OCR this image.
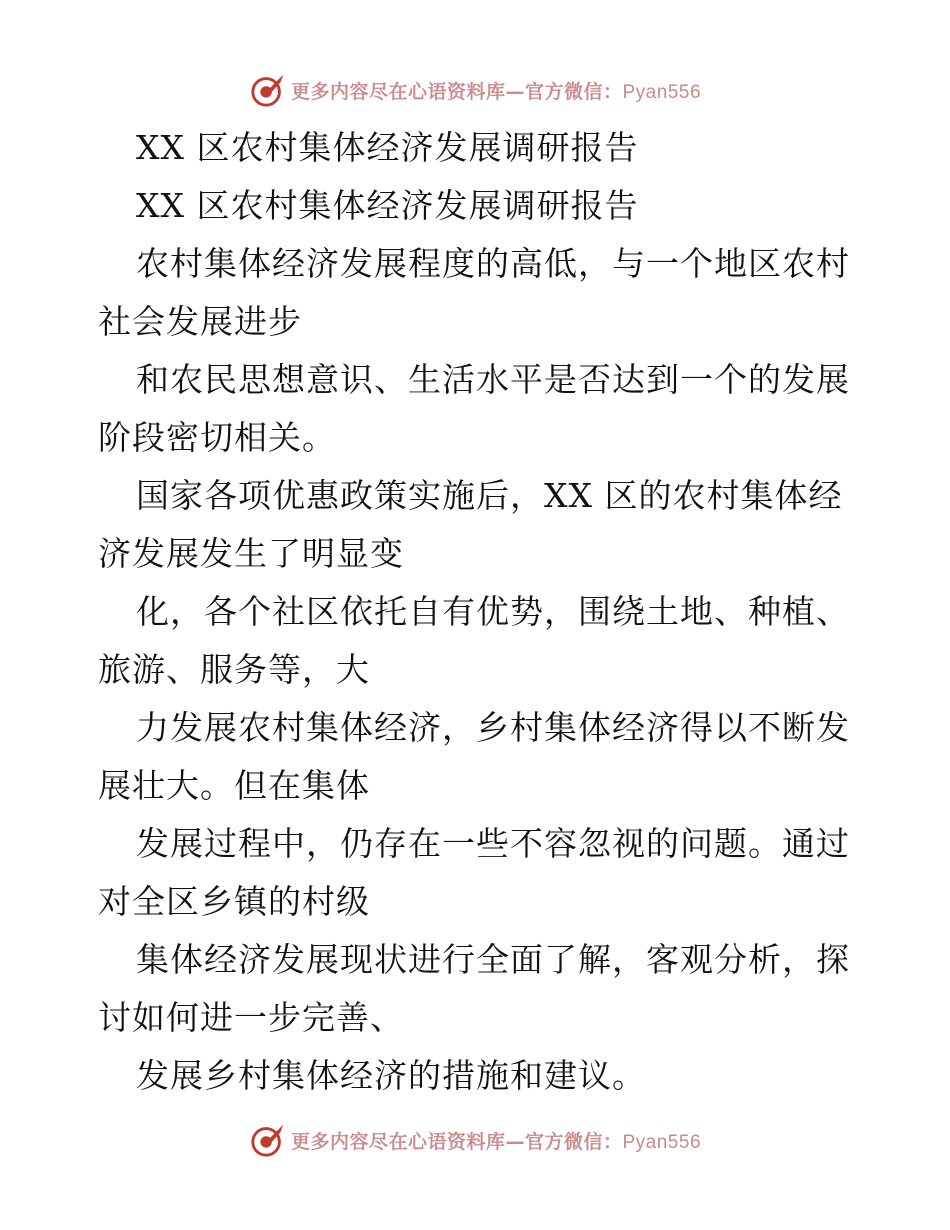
更多内容尽在心语资料库—官方微信：Pyan556
XX 区农村集体经济发展调研报告
XX 区农村集体经济发展调研报告
农村集体经济发展程度的高低，与一个地区农村
社会发展进步
和农民思想意识、生活水平是否达到一个的发展
阶段密切相关。
国家各项优惠政策实施后，XX 区的农村集体经
济发展发生了明显变
化，各个社区依托自有优势，围绕土地、种植、
旅游、服务等，大
力发展农村集体经济，乡村集体经济得以不断发
展壮大。但在集体
发展过程中，仍存在一些不容忽视的问题。通过
对全区乡镇的村级
集体经济发展现状进行全面了解，客观分析，探
讨如何进一步完善、
发展乡村集体经济的措施和建议。
更多内容尽在心语资料库—官方微信：Pyan556
